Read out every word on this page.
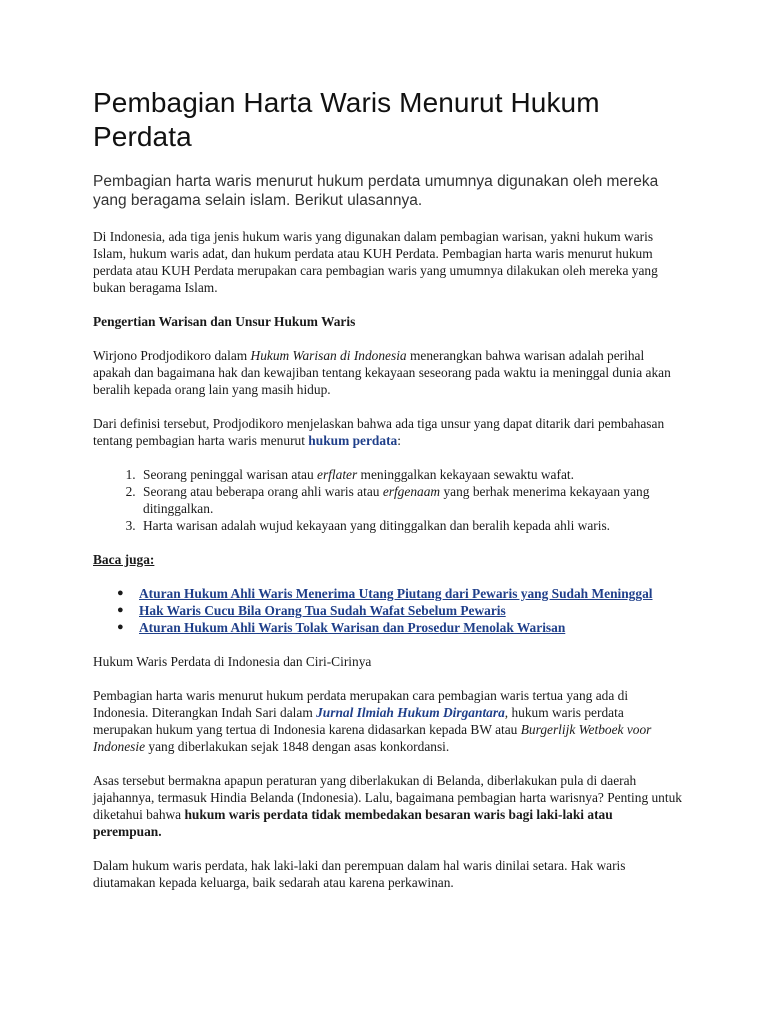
Pembagian Harta Waris Menurut Hukum Perdata
Pembagian harta waris menurut hukum perdata umumnya digunakan oleh mereka yang beragama selain islam. Berikut ulasannya.

Di Indonesia, ada tiga jenis hukum waris yang digunakan dalam pembagian warisan, yakni hukum waris Islam, hukum waris adat, dan hukum perdata atau KUH Perdata. Pembagian harta waris menurut hukum perdata atau KUH Perdata merupakan cara pembagian waris yang umumnya dilakukan oleh mereka yang bukan beragama Islam.

Pengertian Warisan dan Unsur Hukum Waris

Wirjono Prodjodikoro dalam Hukum Warisan di Indonesia menerangkan bahwa warisan adalah perihal apakah dan bagaimana hak dan kewajiban tentang kekayaan seseorang pada waktu ia meninggal dunia akan beralih kepada orang lain yang masih hidup.

Dari definisi tersebut, Prodjodikoro menjelaskan bahwa ada tiga unsur yang dapat ditarik dari pembahasan tentang pembagian harta waris menurut hukum perdata:

1. Seorang peninggal warisan atau erflater meninggalkan kekayaan sewaktu wafat.
2. Seorang atau beberapa orang ahli waris atau erfgenaam yang berhak menerima kekayaan yang ditinggalkan.
3. Harta warisan adalah wujud kekayaan yang ditinggalkan dan beralih kepada ahli waris.
Baca juga:
● Aturan Hukum Ahli Waris Menerima Utang Piutang dari Pewaris yang Sudah Meninggal
● Hak Waris Cucu Bila Orang Tua Sudah Wafat Sebelum Pewaris
● Aturan Hukum Ahli Waris Tolak Warisan dan Prosedur Menolak Warisan
Hukum Waris Perdata di Indonesia dan Ciri-Cirinya

Pembagian harta waris menurut hukum perdata merupakan cara pembagian waris tertua yang ada di Indonesia. Diterangkan Indah Sari dalam Jurnal Ilmiah Hukum Dirgantara, hukum waris perdata merupakan hukum yang tertua di Indonesia karena didasarkan kepada BW atau Burgerlijk Wetboek voor Indonesie yang diberlakukan sejak 1848 dengan asas konkordansi.

Asas tersebut bermakna apapun peraturan yang diberlakukan di Belanda, diberlakukan pula di daerah jajahannya, termasuk Hindia Belanda (Indonesia). Lalu, bagaimana pembagian harta warisnya? Penting untuk diketahui bahwa hukum waris perdata tidak membedakan besaran waris bagi laki-laki atau perempuan.

Dalam hukum waris perdata, hak laki-laki dan perempuan dalam hal waris dinilai setara. Hak waris diutamakan kepada keluarga, baik sedarah atau karena perkawinan.
